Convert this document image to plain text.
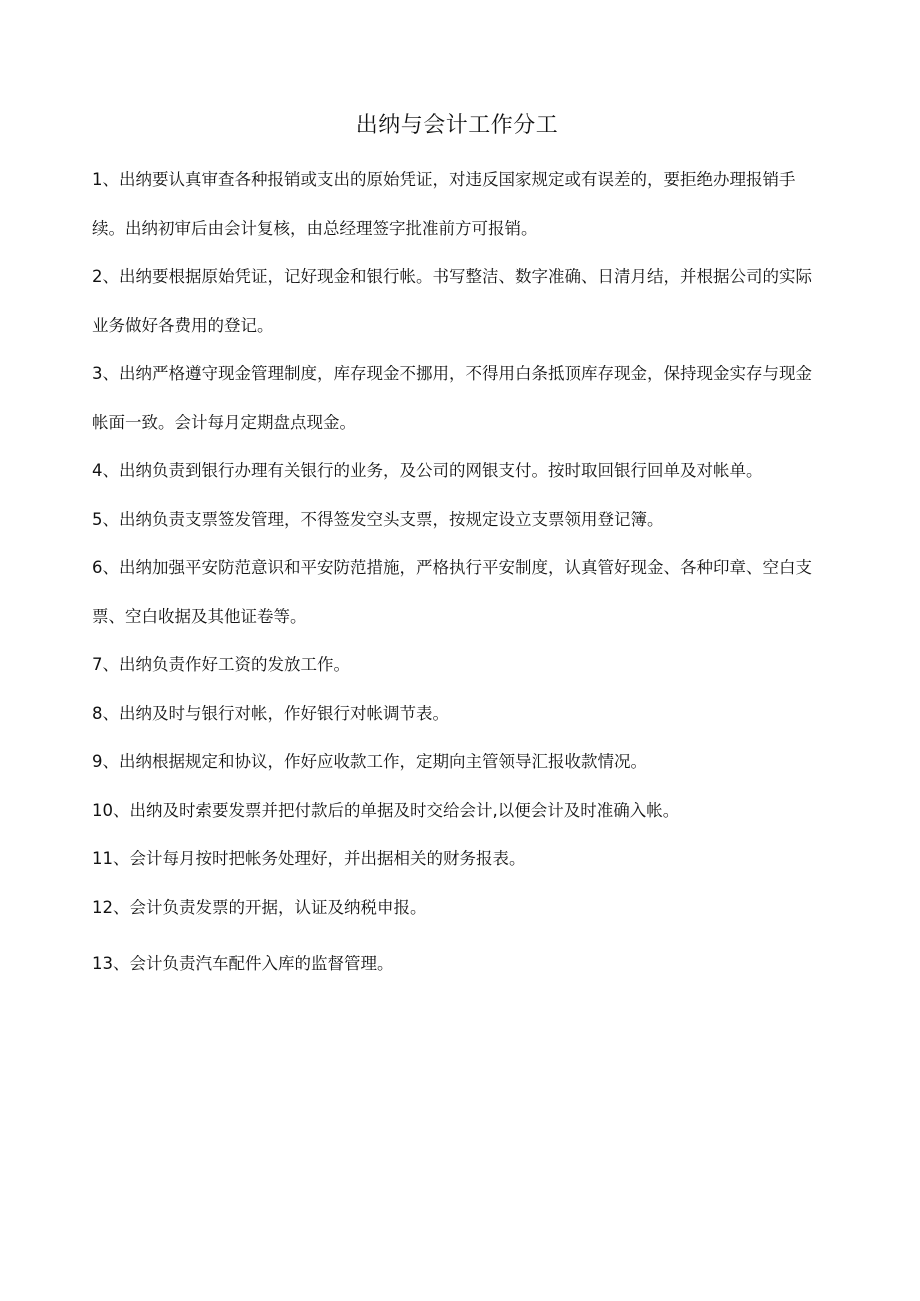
出纳与会计工作分工

1、出纳要认真审查各种报销或支出的原始凭证，对违反国家规定或有误差的，要拒绝办理报销手续。出纳初审后由会计复核，由总经理签字批准前方可报销。

2、出纳要根据原始凭证，记好现金和银行帐。书写整洁、数字准确、日清月结，并根据公司的实际业务做好各费用的登记。

3、出纳严格遵守现金管理制度，库存现金不挪用，不得用白条抵顶库存现金，保持现金实存与现金帐面一致。会计每月定期盘点现金。

4、出纳负责到银行办理有关银行的业务，及公司的网银支付。按时取回银行回单及对帐单。

5、出纳负责支票签发管理，不得签发空头支票，按规定设立支票领用登记簿。

6、出纳加强平安防范意识和平安防范措施，严格执行平安制度，认真管好现金、各种印章、空白支票、空白收据及其他证卷等。

7、出纳负责作好工资的发放工作。

8、出纳及时与银行对帐，作好银行对帐调节表。

9、出纳根据规定和协议，作好应收款工作，定期向主管领导汇报收款情况。

10、出纳及时索要发票并把付款后的单据及时交给会计,以便会计及时准确入帐。

11、会计每月按时把帐务处理好，并出据相关的财务报表。

12、会计负责发票的开据，认证及纳税申报。

13、会计负责汽车配件入库的监督管理。
